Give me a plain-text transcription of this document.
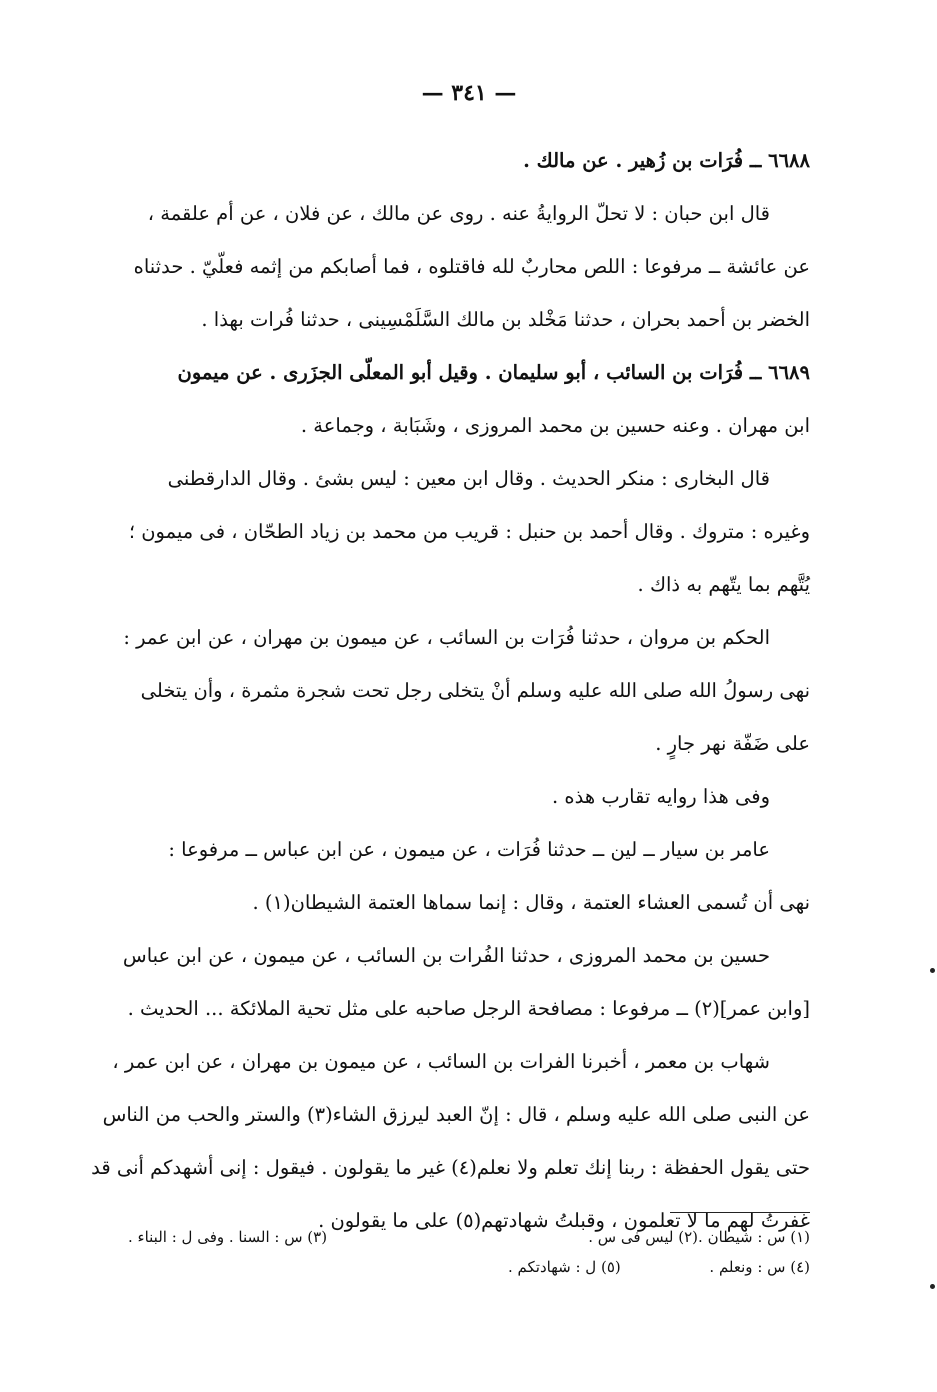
— ٣٤١ —
٦٦٨٨ ــ فُرَات بن زُهير . عن مالك .
قال ابن حبان : لا تحلّ الروايةُ عنه . روى عن مالك ، عن فلان ، عن أم علقمة ،
عن عائشة ــ مرفوعا : اللص محاربٌ لله فاقتلوه ، فما أصابكم من إثمه فعلّيّ . حدثناه
الخضر بن أحمد بحران ، حدثنا مَخْلد بن مالك السَّلَمْسِينى ، حدثنا فُرات بهذا .
٦٦٨٩ ــ فُرَات بن السائب ، أبو سليمان . وقيل أبو المعلّى الجزَرى . عن ميمون
ابن مهران . وعنه حسين بن محمد المروزى ، وشَبَابة ، وجماعة .
قال البخارى : منكر الحديث . وقال ابن معين : ليس بشئ . وقال الدارقطنى
وغيره : متروك . وقال أحمد بن حنبل : قريب من محمد بن زياد الطحّان ، فى ميمون ؛
يُتَّهم بما يتّهم به ذاك .
الحكم بن مروان ، حدثنا فُرَات بن السائب ، عن ميمون بن مهران ، عن ابن عمر :
نهى رسولُ الله صلى الله عليه وسلم أنْ يتخلى رجل تحت شجرة مثمرة ، وأن يتخلى
على ضَفّة نهر جارٍ .
وفى هذا روايه تقارب هذه .
عامر بن سيار ــ لين ــ حدثنا فُرَات ، عن ميمون ، عن ابن عباس ــ مرفوعا :
نهى أن تُسمى العشاء العتمة ، وقال : إنما سماها العتمة الشيطان(١) .
حسين بن محمد المروزى ، حدثنا الفُرات بن السائب ، عن ميمون ، عن ابن عباس
[وابن عمر](٢) ــ مرفوعا : مصافحة الرجل صاحبه على مثل تحية الملائكة ... الحديث .
شهاب بن معمر ، أخبرنا الفرات بن السائب ، عن ميمون بن مهران ، عن ابن عمر ،
عن النبى صلى الله عليه وسلم ، قال : إنّ العبد ليرزق الشاء(٣) والستر والحب من الناس
حتى يقول الحفظة : ربنا إنك تعلم ولا نعلم(٤) غير ما يقولون . فيقول : إنى أشهدكم أنى قد
غفرتُ لهم ما لا تعلمون ، وقبلتُ شهادتهم(٥) على ما يقولون .
(١) س : شيطان .
(٢) ليس فى س .
(٣) س : السنا . وفى ل : البناء .
(٤) س : ونعلم .
(٥) ل : شهادتكم .
